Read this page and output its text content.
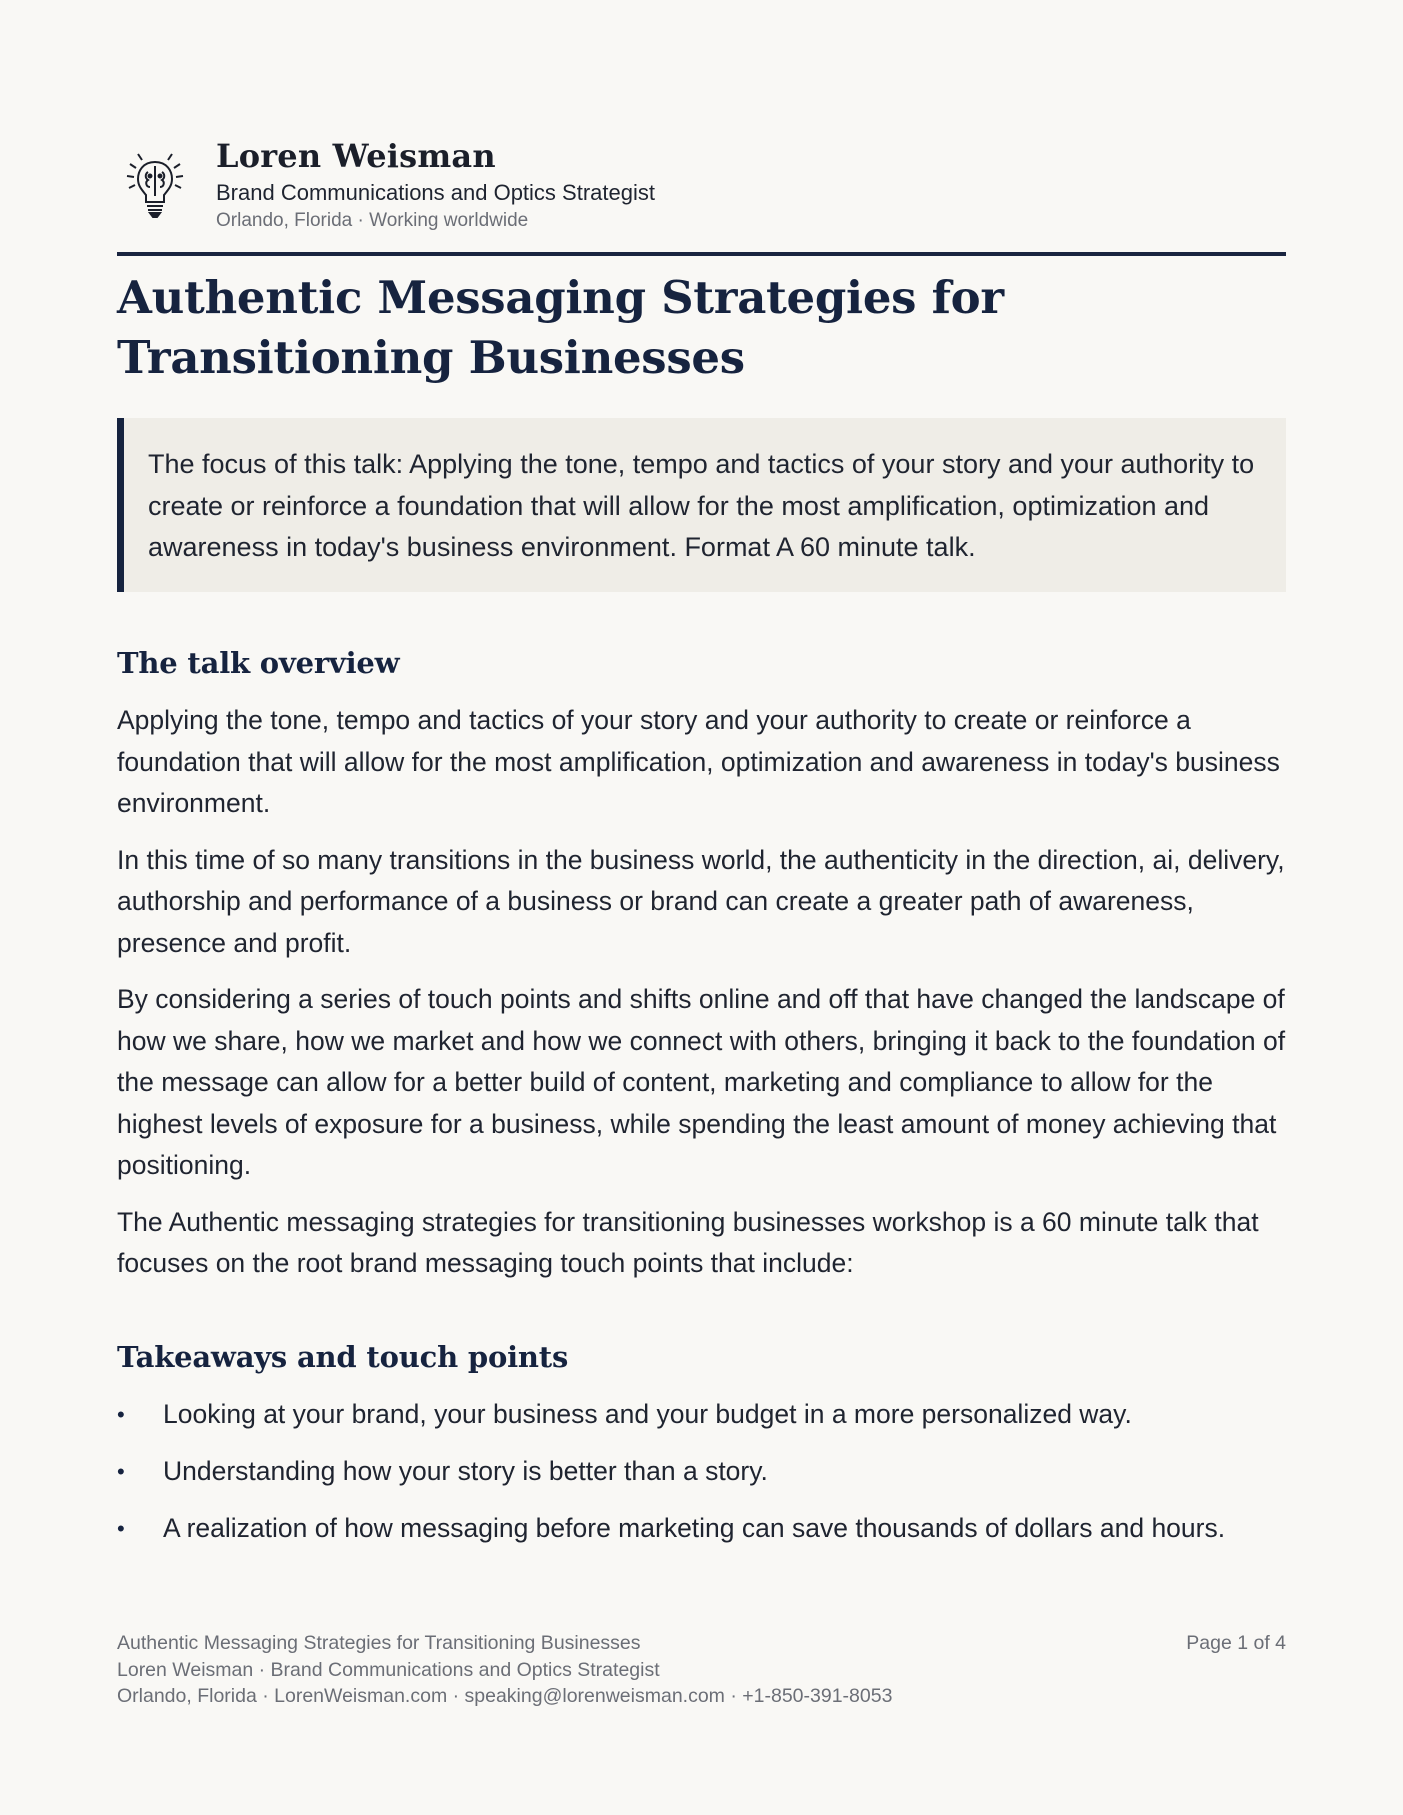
Loren Weisman
Brand Communications and Optics Strategist
Orlando, Florida · Working worldwide
Authentic Messaging Strategies for Transitioning Businesses
The focus of this talk: Applying the tone, tempo and tactics of your story and your authority to create or reinforce a foundation that will allow for the most amplification, optimization and awareness in today's business environment. Format A 60 minute talk.
The talk overview

Applying the tone, tempo and tactics of your story and your authority to create or reinforce a foundation that will allow for the most amplification, optimization and awareness in today's business environment.

In this time of so many transitions in the business world, the authenticity in the direction, ai, delivery, authorship and performance of a business or brand can create a greater path of awareness, presence and profit.

By considering a series of touch points and shifts online and off that have changed the landscape of how we share, how we market and how we connect with others, bringing it back to the foundation of the message can allow for a better build of content, marketing and compliance to allow for the highest levels of exposure for a business, while spending the least amount of money achieving that positioning.

The Authentic messaging strategies for transitioning businesses workshop is a 60 minute talk that focuses on the root brand messaging touch points that include:

Takeaways and touch points
• Looking at your brand, your business and your budget in a more personalized way.
• Understanding how your story is better than a story.
• A realization of how messaging before marketing can save thousands of dollars and hours.
Authentic Messaging Strategies for Transitioning Businesses
Loren Weisman · Brand Communications and Optics Strategist
Orlando, Florida · LorenWeisman.com · speaking@lorenweisman.com · +1-850-391-8053
Page 1 of 4
